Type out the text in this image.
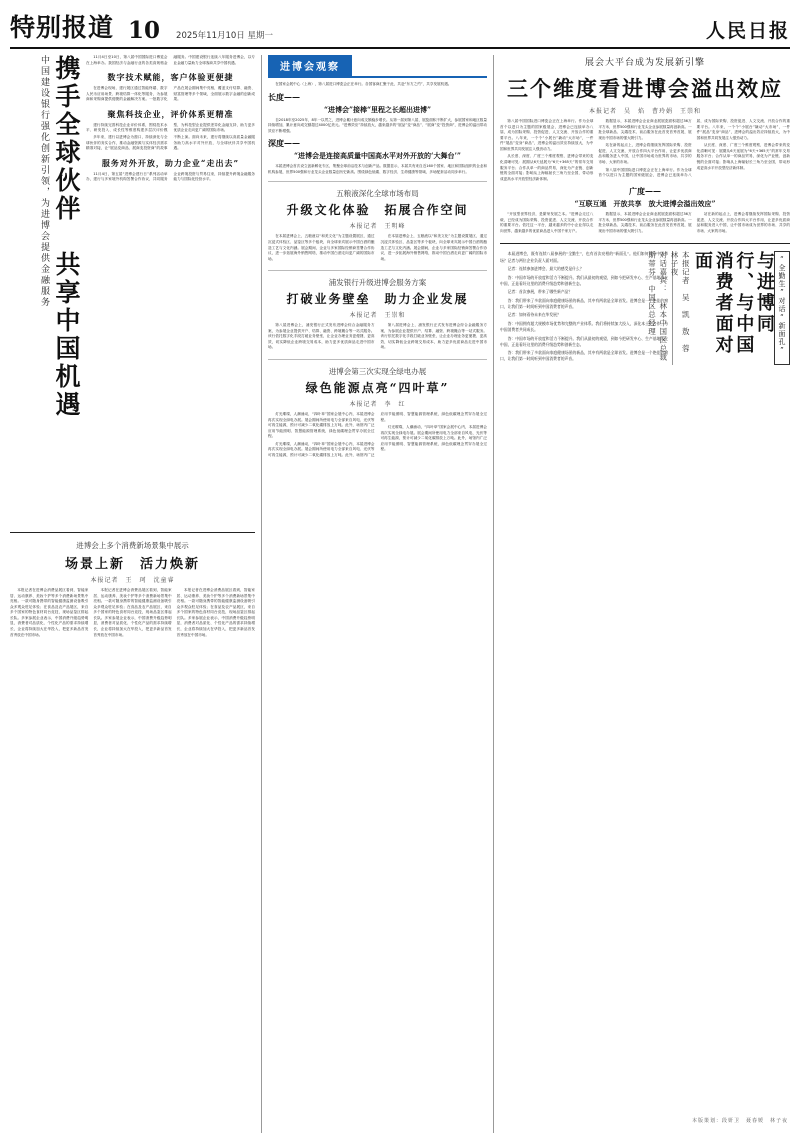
特别报道 10 2025年11月10日 星期一	人民日报
携手全球伙伴　共享中国机遇
中国建设银行强化创新引领，为进博会提供金融服务	11月4日至10日，第八届中国国际进口博览会在上海举办。我国经济与金融行业的各类高规格金融服务。中国建设银行连续八年服务进博会，以专业金融力量助力全球客商共享中国机遇。

数字技术赋能，客户体验更便捷

在进博会现场，建行展区通过智能终端、数字人民币应用场景、跨境结算一体化等服务，为参展商和采购商提供便捷的金融解决方案。一批数字化产品在展会期间集中亮相，覆盖支付结算、融资、财富管理等多个领域，全面展示数字金融的创新成果。

聚焦科技企业，评价体系更精准

建行持续完善科技企业评价体系，围绕技术水平、研发投入、成长性等维度构建多层次评价模型，为科技型企业提供差异化金融支持，助力更多优质企业走向更广阔的国际市场。

多年来，建行以进博会为窗口，持续深化与全球伙伴的务实合作，推动金融资源与实体经济需求精准对接，让“展品变商品、展商变投资商”的故事不断上演。面向未来，建行将继续以高质量金融服务助力高水平对外开放，与全球伙伴共享中国机遇。

服务对外开放，助力企业“走出去”

11月4日，第五届“进博会建行日”系列活动举办，建行与多家境外机构签署合作协议，共同服务企业跨境投资与贸易往来，持续提升跨境金融服务能力与国际化经营水平。

进博会上多个消费新场景集中展示
场景上新　活力焕新
本报记者　王　珂　沈童睿

本报记者在进博会消费品展区看到，智能家居、运动康养、美妆个护等多个消费新场景集中亮相。一款可随身携带的智能健康监测设备吸引众多观众驻足体验；在食品及农产品展区，来自多个国家的特色食材同台竞技，现场品鉴区排起长队。多家参展企业表示，中国消费升级趋势明显，消费者对品质化、个性化产品的需求持续增长，企业将持续加大在华投入，把更多新品首发首秀放在中国市场。

本报记者在进博会消费品展区看到，智能家居、运动康养、美妆个护等多个消费新场景集中亮相。一款可随身携带的智能健康监测设备吸引众多观众驻足体验；在食品及农产品展区，来自多个国家的特色食材同台竞技，现场品鉴区排起长队。多家参展企业表示，中国消费升级趋势明显，消费者对品质化、个性化产品的需求持续增长，企业将持续加大在华投入，把更多新品首发首秀放在中国市场。

本报记者在进博会消费品展区看到，智能家居、运动康养、美妆个护等多个消费新场景集中亮相。一款可随身携带的智能健康监测设备吸引众多观众驻足体验；在食品及农产品展区，来自多个国家的特色食材同台竞技，现场品鉴区排起长队。多家参展企业表示，中国消费升级趋势明显，消费者对品质化、个性化产品的需求持续增长，企业将持续加大在华投入，把更多新品首发首秀放在中国市场。

进博会观察

在国家会展中心（上海），第八届进口博览会正在举行。各国客商汇聚于此，共赴“东方之约”，共享发展机遇。

长度——
“进博会”接棒“里程之长超出进博”

自2018年至2025年，8年一以贯之，进博会累计意向成交额稳步增长。从第一届到第八届，展览面积不断扩大，参展国家和地区数量持续增加，累计意向成交额超过4000亿美元。“进博效应”持续放大，越来越多的“展品”变“商品”、“展商”变“投资商”，进博会的溢出带动效应不断增强。

深度——
“进博会是连接高质量中国高水平对外开放的‘大舞台’”

本届进博会首次设立创新孵化专区，集聚全球前沿技术与创新产品。数据显示，本届共有来自近160个国家、地区和国际组织的企业和机构参展，世界500强和行业龙头企业数量创历史新高。围绕绿色低碳、数字经济、生命健康等领域，多场配套活动同步举行。

五粮液深化全球市场布局
升级文化体验　拓展合作空间
本报记者　王明峰

在本届进博会上，五粮液以“和美文化”为主题设置展区，通过沉浸式体验区、品鉴区等多个板块，向全球来宾展示中国白酒的酿造工艺与文化内涵。展会期间，企业与多家国际经销商签署合作协议，进一步拓展海外销售网络，推动中国白酒走向更广阔的国际市场。

在本届进博会上，五粮液以“和美文化”为主题设置展区，通过沉浸式体验区、品鉴区等多个板块，向全球来宾展示中国白酒的酿造工艺与文化内涵。展会期间，企业与多家国际经销商签署合作协议，进一步拓展海外销售网络，推动中国白酒走向更广阔的国际市场。

浦发银行升级进博会服务方案
打破业务壁垒　助力企业发展
本报记者　王崇和

第八届进博会上，浦发银行正式发布进博会综合金融服务方案，为参展企业提供开户、结算、融资、跨境撮合等一站式服务。该行依托数字化手段打破业务壁垒，让企业办理业务更便捷、更高效，切实降低企业跨境交易成本，助力更多优质商品走进中国市场。

第八届进博会上，浦发银行正式发布进博会综合金融服务方案，为参展企业提供开户、结算、融资、跨境撮合等一站式服务。该行依托数字化手段打破业务壁垒，让企业办理业务更便捷、更高效，切实降低企业跨境交易成本，助力更多优质商品走进中国市场。

进博会第三次实现全绿电办展
绿色能源点亮“四叶草”
本报记者　李　红

灯光璀璨，人潮涌动，“四叶草”国家会展中心内，本届进博会再次实现全绿电办展。展会期间所使用电力全部来自风电、光伏等可再生能源，预计可减少二氧化碳排放上万吨。此外，场馆内广泛应用节能照明、智慧能源管理系统，绿色低碳理念贯穿办展全过程。

灯光璀璨，人潮涌动，“四叶草”国家会展中心内，本届进博会再次实现全绿电办展。展会期间所使用电力全部来自风电、光伏等可再生能源，预计可减少二氧化碳排放上万吨。此外，场馆内广泛应用节能照明、智慧能源管理系统，绿色低碳理念贯穿办展全过程。

灯光璀璨，人潮涌动，“四叶草”国家会展中心内，本届进博会再次实现全绿电办展。展会期间所使用电力全部来自风电、光伏等可再生能源，预计可减少二氧化碳排放上万吨。此外，场馆内广泛应用节能照明、智慧能源管理系统，绿色低碳理念贯穿办展全过程。

展会大平台成为发展新引擎
三个维度看进博会溢出效应
本报记者　吴　焰　曹玲娟　王崇和

第八届中国国际进口博览会正在上海举行。作为全球首个以进口为主题的国家级展会，进博会已连续举办八届，成为国际采购、投资促进、人文交流、开放合作的重要平台。八年来，一个个“小展台”撬动“大市场”，一件件“展品”变身“商品”，进博会的溢出效应持续放大，为中国和世界共同发展注入强劲动力。

从长度、深度、广度三个维度观察，进博会带来的变化清晰可见：展期从6天延展为“6天+365天”的常年交易服务平台；合作从单一的商品贸易，深化为产业链、创新链的全面对接；影响从上海辐射长三角乃至全国，带动形成更高水平开放型经济新体制。

数据显示，本届进博会企业商业展展览面积超过36万平方米，世界500强和行业龙头企业参展数量再创新高。一批全球新品、尖端技术、前沿服务在此首发首秀首展，展现出中国市场的强大吸引力。

站在新的起点上，进博会将继续发挥国际采购、投资促进、人文交流、开放合作四大平台作用，让更多优质商品和服务进入中国，让中国市场成为世界的市场、共享的市场、大家的市场。

第八届中国国际进口博览会正在上海举行。作为全球首个以进口为主题的国家级展会，进博会已连续举办八届，成为国际采购、投资促进、人文交流、开放合作的重要平台。八年来，一个个“小展台”撬动“大市场”，一件件“展品”变身“商品”，进博会的溢出效应持续放大，为中国和世界共同发展注入强劲动力。

从长度、深度、广度三个维度观察，进博会带来的变化清晰可见：展期从6天延展为“6天+365天”的常年交易服务平台；合作从单一的商品贸易，深化为产业链、创新链的全面对接；影响从上海辐射长三角乃至全国，带动形成更高水平开放型经济新体制。

广度——
“互联互通　开放共享　放大进博会溢出效应”

“开放型世界经济，是繁荣发展之本。”进博会走过八载，已经成为国际采购、投资促进、人文交流、开放合作的重要平台。依托这一平台，越来越多的中小企业得以走向世界，越来越多的优质商品进入中国千家万户。

数据显示，本届进博会企业商业展展览面积超过36万平方米，世界500强和行业龙头企业参展数量再创新高。一批全球新品、尖端技术、前沿服务在此首发首秀首展，展现出中国市场的强大吸引力。

站在新的起点上，进博会将继续发挥国际采购、投资促进、人文交流、开放合作四大平台作用，让更多优质商品和服务进入中国，让中国市场成为世界的市场、共享的市场、大家的市场。

本届进博会，既有连续八届参展的“全勤生”，也有首次亮相的“新面孔”。他们如何看待中国市场？记者与两位企业负责人面对面。

记者：连续参加进博会，最大的感受是什么？

答：中国市场的开放度和活力不断提升。我们从最初的观望，到如今把研发中心、生产基地落在中国，正是看好这里的消费升级趋势和创新生态。

记者：首次参展，带来了哪些新产品？

答：我们带来了多款面向家庭健康场景的新品，其中有两款是全球首发。进博会是一个绝佳的窗口，让我们第一时间听到中国消费者的声音。

记者：如何看待未来在华发展？

答：中国拥有超大规模市场优势和完整的产业体系。我们将持续加大投入，深化本土化合作，与中国消费者共同成长。

答：中国市场的开放度和活力不断提升。我们从最初的观望，到如今把研发中心、生产基地落在中国，正是看好这里的消费升级趋势和创新生态。

答：我们带来了多款面向家庭健康场景的新品，其中有两款是全球首发。进博会是一个绝佳的窗口，让我们第一时间听到中国消费者的声音。

“全勤生”对话“新面孔”
与进博同行、与中国消费者面对面
本报记者　吴　凯　敖　蓉　林子夜
对话嘉宾：　林本中国区总裁　斯蒂芬　中国区总经理
本版策划：段妍卫　聂春媛　林子夜
